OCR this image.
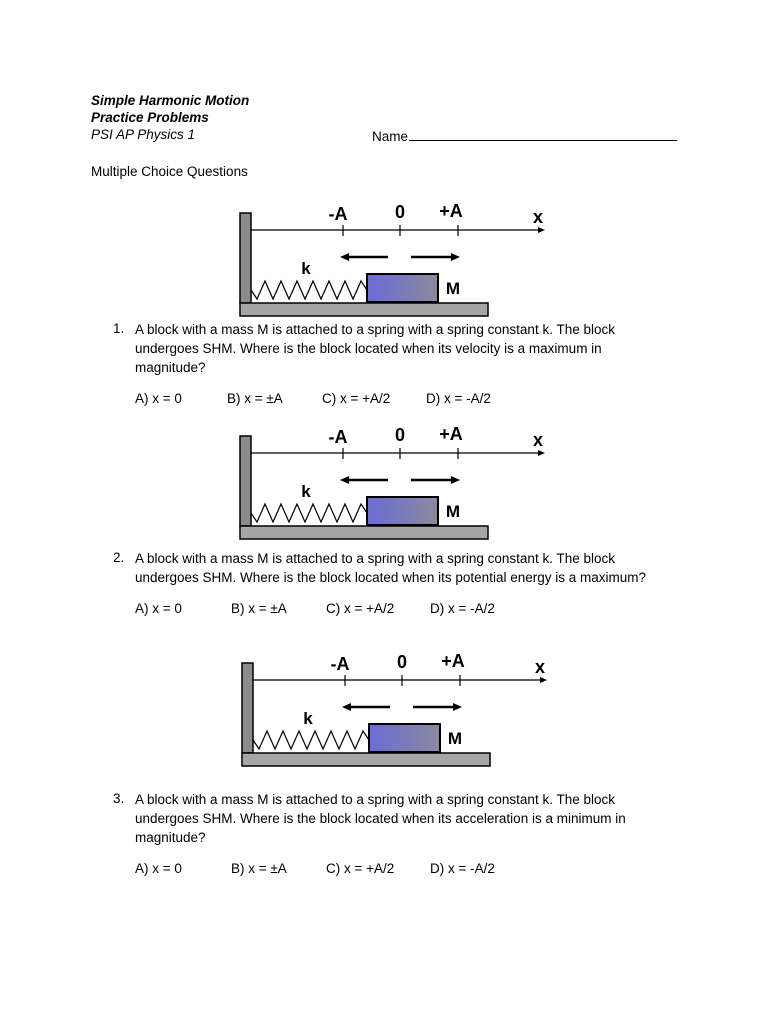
Simple Harmonic Motion
Practice Problems
PSI AP Physics 1	Name
Multiple Choice Questions
-A	0 +A	x
k
M
1. A block with a mass M is attached to a spring with a spring constant k. The block undergoes SHM. Where is the block located when its velocity is a maximum in magnitude?
A) x = 0	B) x = ±A	C) x = +A/2	D) x = -A/2
-A	0 +A	x
k
M
2. A block with a mass M is attached to a spring with a spring constant k. The block undergoes SHM. Where is the block located when its potential energy is a maximum?
A) x = 0	B) x = ±A	C) x = +A/2	D) x = -A/2
-A	0 +A	x
k
M
3. A block with a mass M is attached to a spring with a spring constant k. The block undergoes SHM. Where is the block located when its acceleration is a minimum in magnitude?
A) x = 0	B) x = ±A	C) x = +A/2	D) x = -A/2
